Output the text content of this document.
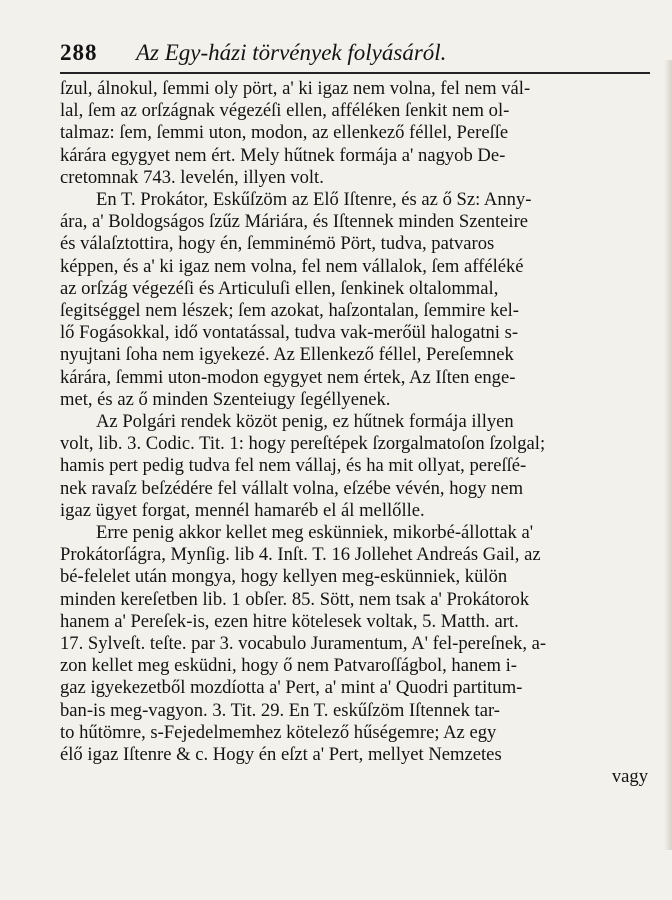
288	Az Egy-házi törvények folyásáról.
ſzul, álnokul, ſemmi oly pört, a' ki igaz nem volna, fel nem vál-
lal, ſem az orſzágnak végezéſi ellen, afféléken ſenkit nem ol-
talmaz: ſem, ſemmi uton, modon, az ellenkező féllel, Pereſſe
kárára egygyet nem ért. Mely hűtnek formája a' nagyob De-
cretomnak 743. levelén, illyen volt.
En T. Prokátor, Eskűſzöm az Elő Iſtenre, és az ő Sz: Anny-
ára, a' Boldogságos ſzűz Máriára, és Iſtennek minden Szenteire
és válaſztottira, hogy én, ſemminémö Pört, tudva, patvaros
képpen, és a' ki igaz nem volna, fel nem vállalok, ſem afféléké
az orſzág végezéſi és Articuluſi ellen, ſenkinek oltalommal,
ſegitséggel nem lészek; ſem azokat, haſzontalan, ſemmire kel-
lő Fogásokkal, idő vontatással, tudva vak-merőül halogatni s-
nyujtani ſoha nem igyekezé. Az Ellenkező féllel, Pereſemnek
kárára, ſemmi uton-modon egygyet nem értek, Az Iſten enge-
met, és az ő minden Szenteiugy ſegéllyenek.
Az Polgári rendek közöt penig, ez hűtnek formája illyen
volt, lib. 3. Codic. Tit. 1: hogy pereſtépek ſzorgalmatoſon ſzolgal;
hamis pert pedig tudva fel nem vállaj, és ha mit ollyat, pereſſé-
nek ravaſz beſzédére fel vállalt volna, eſzébe vévén, hogy nem
igaz ügyet forgat, mennél hamaréb el ál mellőlle.
Erre penig akkor kellet meg eskünniek, mikorbé-állottak a'
Prokátorſágra, Mynſig. lib 4. Inſt. T. 16 Jollehet Andreás Gail, az
bé-felelet után mongya, hogy kellyen meg-eskünniek, külön
minden kereſetben lib. 1 obſer. 85. Sött, nem tsak a' Prokátorok
hanem a' Pereſek-is, ezen hitre kötelesek voltak, 5. Matth. art.
17. Sylveſt. teſte. par 3. vocabulo Juramentum, A' fel-pereſnek, a-
zon kellet meg esküdni, hogy ő nem Patvaroſſágbol, hanem i-
gaz igyekezetből mozdíotta a' Pert, a' mint a' Quodri partitum-
ban-is meg-vagyon. 3. Tit. 29. En T. eskűſzöm Iſtennek tar-
to hűtömre, s-Fejedelmemhez kötelező hűségemre; Az egy
élő igaz Iſtenre & c. Hogy én eſzt a' Pert, mellyet Nemzetes
vagy
